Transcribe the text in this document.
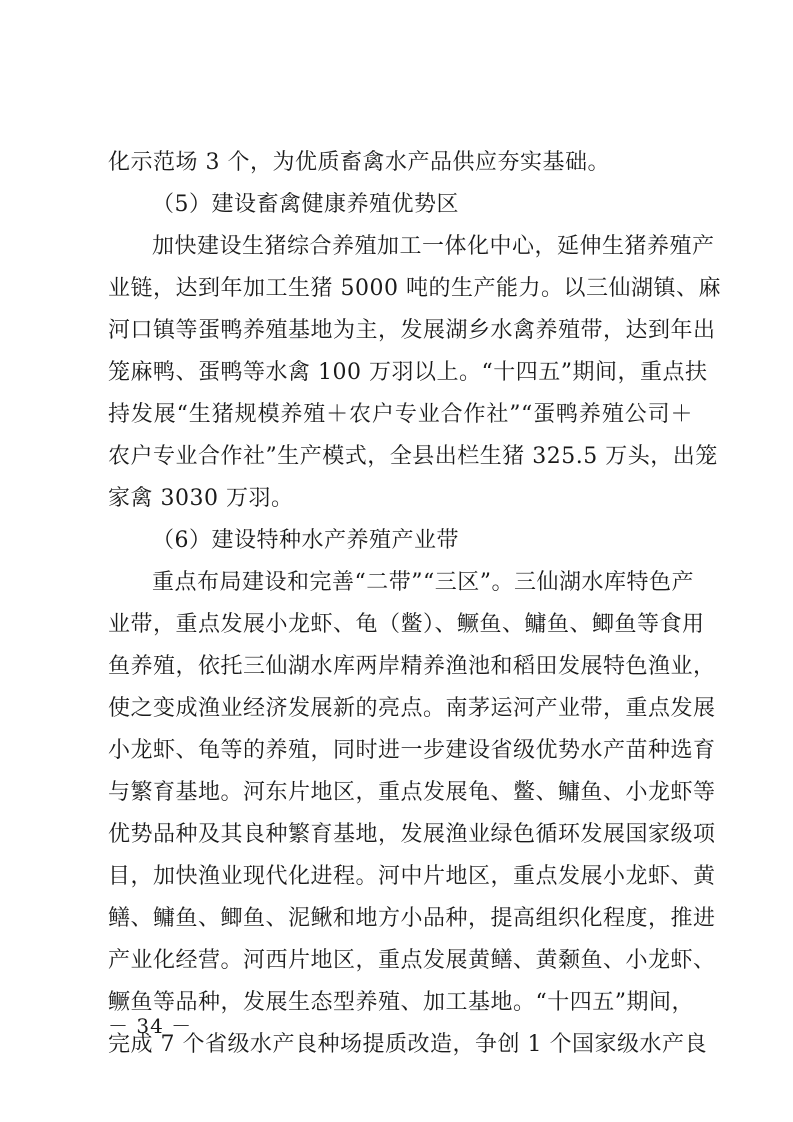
化示范场 3 个，为优质畜禽水产品供应夯实基础。
（5）建设畜禽健康养殖优势区
加快建设生猪综合养殖加工一体化中心，延伸生猪养殖产
业链，达到年加工生猪 5000 吨的生产能力。以三仙湖镇、麻
河口镇等蛋鸭养殖基地为主，发展湖乡水禽养殖带，达到年出
笼麻鸭、蛋鸭等水禽 100 万羽以上。“十四五”期间，重点扶
持发展“生猪规模养殖＋农户专业合作社”“蛋鸭养殖公司＋
农户专业合作社”生产模式，全县出栏生猪 325.5 万头，出笼
家禽 3030 万羽。
（6）建设特种水产养殖产业带
重点布局建设和完善“二带”“三区”。三仙湖水库特色产
业带，重点发展小龙虾、龟（鳖）、鳜鱼、鳙鱼、鲫鱼等食用
鱼养殖，依托三仙湖水库两岸精养渔池和稻田发展特色渔业，
使之变成渔业经济发展新的亮点。南茅运河产业带，重点发展
小龙虾、龟等的养殖，同时进一步建设省级优势水产苗种选育
与繁育基地。河东片地区，重点发展龟、鳖、鳙鱼、小龙虾等
优势品种及其良种繁育基地，发展渔业绿色循环发展国家级项
目，加快渔业现代化进程。河中片地区，重点发展小龙虾、黄
鳝、鳙鱼、鲫鱼、泥鳅和地方小品种，提高组织化程度，推进
产业化经营。河西片地区，重点发展黄鳝、黄颡鱼、小龙虾、
鳜鱼等品种，发展生态型养殖、加工基地。“十四五”期间，
完成 7 个省级水产良种场提质改造，争创 1 个国家级水产良
－ 34 －
